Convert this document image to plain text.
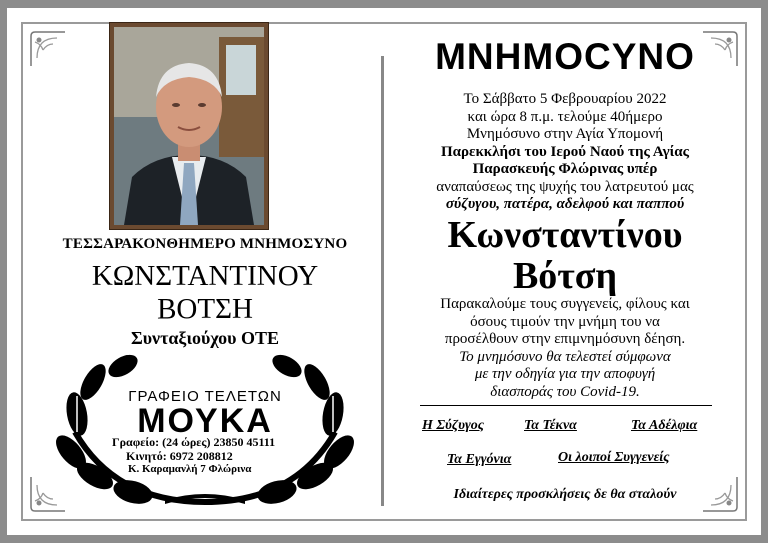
ΤΕΣΣΑΡΑΚΟΝΘΗΜΕΡΟ ΜΝΗΜΟΣΥΝΟ
ΚΩΝΣΤΑΝΤΙΝΟΥ
ΒΟΤΣΗ
Συνταξιούχου ΟΤΕ
ΓΡΑΦΕΙΟ ΤΕΛΕΤΩΝ
ΜΟΥΚΑ
Γραφείο: (24 ώρες) 23850 45111
Κινητό: 6972 208812
Κ. Καραμανλή 7 Φλώρινα
ΜΝΗΜΟCYNO
Το Σάββατο 5 Φεβρουαρίου 2022
και ώρα 8 π.μ. τελούμε 40ήμερο
Μνημόσυνο στην Αγία Υπομονή
Παρεκκλήσι του Ιερού Ναού της Αγίας
Παρασκευής Φλώρινας υπέρ
αναπαύσεως της ψυχής του λατρευτού μας
σύζυγου, πατέρα, αδελφού και παππού
Κωνσταντίνου
Βότση
Παρακαλούμε τους συγγενείς, φίλους και
όσους τιμούν την μνήμη του να
προσέλθουν στην επιμνημόσυνη δέηση.
Το μνημόσυνο θα τελεστεί σύμφωνα
με την οδηγία για την αποφυγή
διασποράς του Covid-19.
Η Σύζυγος	Τα Τέκνα	Τα Αδέλφια
Τα Εγγόνια	Οι λοιποί Συγγενείς
Ιδιαίτερες προσκλήσεις δε θα σταλούν
